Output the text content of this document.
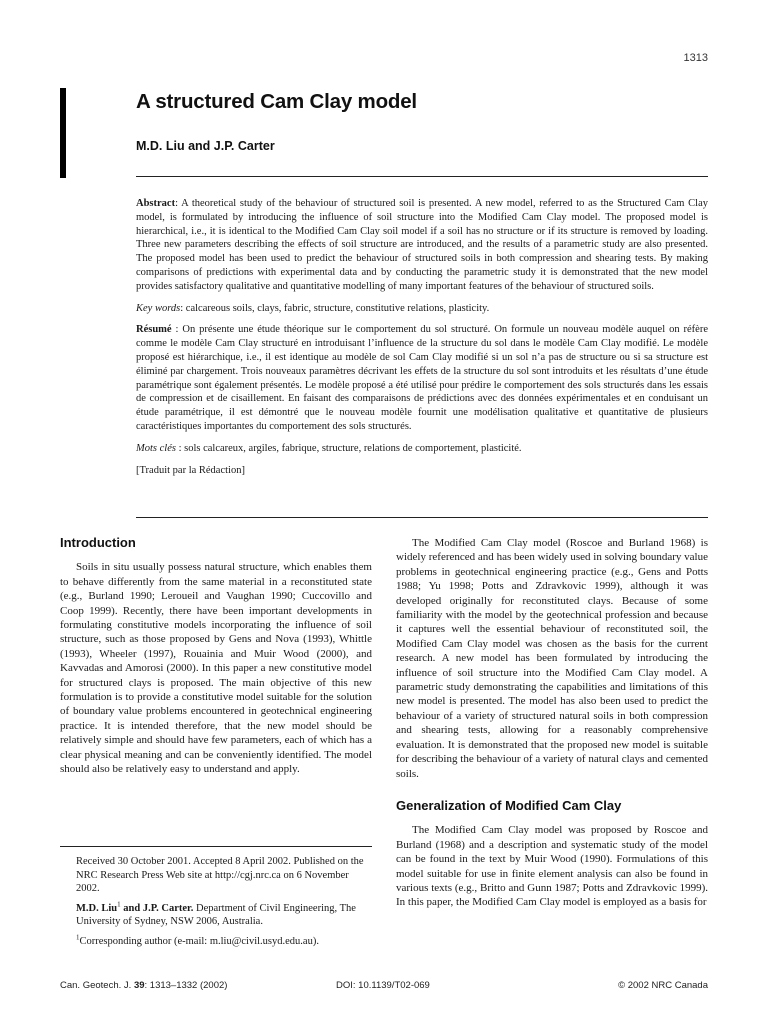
1313
A structured Cam Clay model
M.D. Liu and J.P. Carter

Abstract: A theoretical study of the behaviour of structured soil is presented. A new model, referred to as the Structured Cam Clay model, is formulated by introducing the influence of soil structure into the Modified Cam Clay model. The proposed model is hierarchical, i.e., it is identical to the Modified Cam Clay soil model if a soil has no structure or if its structure is removed by loading. Three new parameters describing the effects of soil structure are introduced, and the results of a parametric study are also presented. The proposed model has been used to predict the behaviour of structured soils in both compression and shearing tests. By making comparisons of predictions with experimental data and by conducting the parametric study it is demonstrated that the new model provides satisfactory qualitative and quantitative modelling of many important features of the behaviour of structured soils.

Key words: calcareous soils, clays, fabric, structure, constitutive relations, plasticity.

Résumé : On présente une étude théorique sur le comportement du sol structuré. On formule un nouveau modèle auquel on réfère comme le modèle Cam Clay structuré en introduisant l’influence de la structure du sol dans le modèle Cam Clay modifié. Le modèle proposé est hiérarchique, i.e., il est identique au modèle de sol Cam Clay modifié si un sol n’a pas de structure ou si sa structure est éliminé par chargement. Trois nouveaux paramètres décrivant les effets de la structure du sol sont introduits et les résultats d’une étude paramétrique sont également présentés. Le modèle proposé a été utilisé pour prédire le comportement des sols structurés dans les essais de compression et de cisaillement. En faisant des comparaisons de prédictions avec des données expérimentales et en conduisant un étude paramétrique, il est démontré que le nouveau modèle fournit une modélisation qualitative et quantitative de plusieurs caractéristiques importantes du comportement des sols structurés.

Mots clés : sols calcareux, argiles, fabrique, structure, relations de comportement, plasticité.

[Traduit par la Rédaction]

Introduction

Soils in situ usually possess natural structure, which enables them to behave differently from the same material in a reconstituted state (e.g., Burland 1990; Leroueil and Vaughan 1990; Cuccovillo and Coop 1999). Recently, there have been important developments in formulating constitutive models incorporating the influence of soil structure, such as those proposed by Gens and Nova (1993), Whittle (1993), Wheeler (1997), Rouainia and Muir Wood (2000), and Kavvadas and Amorosi (2000). In this paper a new constitutive model for structured clays is proposed. The main objective of this new formulation is to provide a constitutive model suitable for the solution of boundary value problems encountered in geotechnical engineering practice. It is intended therefore, that the new model should be relatively simple and should have few parameters, each of which has a clear physical meaning and can be conveniently identified. The model should also be relatively easy to understand and apply.

The Modified Cam Clay model (Roscoe and Burland 1968) is widely referenced and has been widely used in solving boundary value problems in geotechnical engineering practice (e.g., Gens and Potts 1988; Yu 1998; Potts and Zdravkovic 1999), although it was developed originally for reconstituted clays. Because of some familiarity with the model by the geotechnical profession and because it captures well the essential behaviour of reconstituted soil, the Modified Cam Clay model was chosen as the basis for the current research. A new model has been formulated by introducing the influence of soil structure into the Modified Cam Clay model. A parametric study demonstrating the capabilities and limitations of this new model is presented. The model has also been used to predict the behaviour of a variety of structured natural soils in both compression and shearing tests, allowing for a reasonably comprehensive evaluation. It is demonstrated that the proposed new model is suitable for describing the behaviour of a variety of natural clays and cemented soils.

Generalization of Modified Cam Clay

The Modified Cam Clay model was proposed by Roscoe and Burland (1968) and a description and systematic study of the model can be found in the text by Muir Wood (1990). Formulations of this model suitable for use in finite element analysis can also be found in various texts (e.g., Britto and Gunn 1987; Potts and Zdravkovic 1999). In this paper, the Modified Cam Clay model is employed as a basis for

Received 30 October 2001. Accepted 8 April 2002. Published on the NRC Research Press Web site at http://cgj.nrc.ca on 6 November 2002.

M.D. Liu$^1$ and J.P. Carter. Department of Civil Engineering, The University of Sydney, NSW 2006, Australia.

$^1$Corresponding author (e-mail: m.liu@civil.usyd.edu.au).

Can. Geotech. J. 39: 1313–1332 (2002)	DOI: 10.1139/T02-069	© 2002 NRC Canada
